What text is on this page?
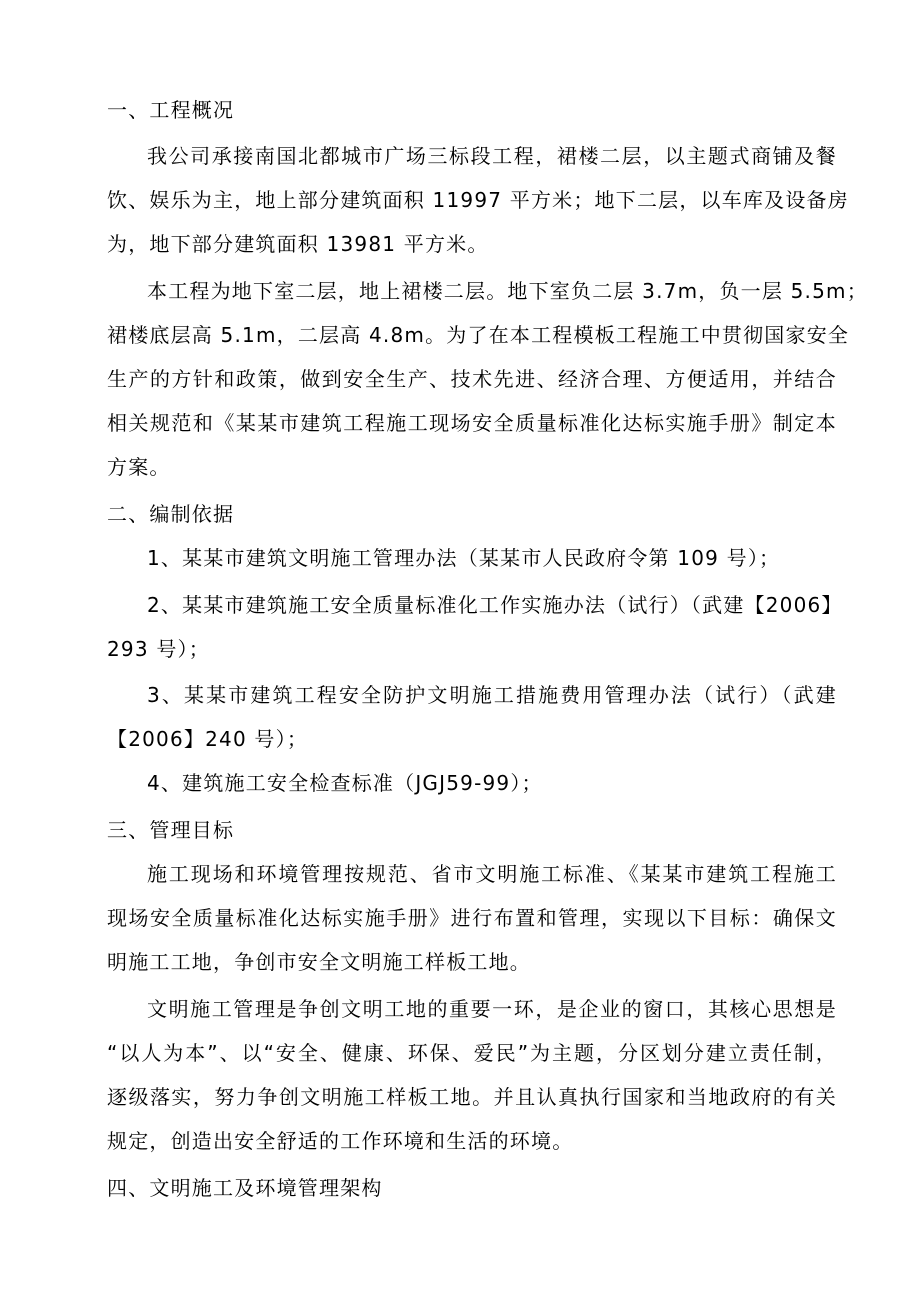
一、工程概况
我公司承接南国北都城市广场三标段工程，裙楼二层，以主题式商铺及餐
饮、娱乐为主，地上部分建筑面积 11997 平方米；地下二层，以车库及设备房
为，地下部分建筑面积 13981 平方米。
本工程为地下室二层，地上裙楼二层。地下室负二层 3.7m，负一层 5.5m；
裙楼底层高 5.1m，二层高 4.8m。为了在本工程模板工程施工中贯彻国家安全
生产的方针和政策，做到安全生产、技术先进、经济合理、方便适用，并结合
相关规范和《某某市建筑工程施工现场安全质量标准化达标实施手册》制定本
方案。
二、编制依据
1、某某市建筑文明施工管理办法（某某市人民政府令第 109 号）；
2、某某市建筑施工安全质量标准化工作实施办法（试行）（武建【2006】
293 号）；
3、某某市建筑工程安全防护文明施工措施费用管理办法（试行）（武建
【2006】240 号）；
4、建筑施工安全检查标准（JGJ59-99）；
三、管理目标
施工现场和环境管理按规范、省市文明施工标准、《某某市建筑工程施工
现场安全质量标准化达标实施手册》进行布置和管理，实现以下目标：确保文
明施工工地，争创市安全文明施工样板工地。
文明施工管理是争创文明工地的重要一环，是企业的窗口，其核心思想是
“以人为本”、以“安全、健康、环保、爱民”为主题，分区划分建立责任制，
逐级落实，努力争创文明施工样板工地。并且认真执行国家和当地政府的有关
规定，创造出安全舒适的工作环境和生活的环境。
四、文明施工及环境管理架构
